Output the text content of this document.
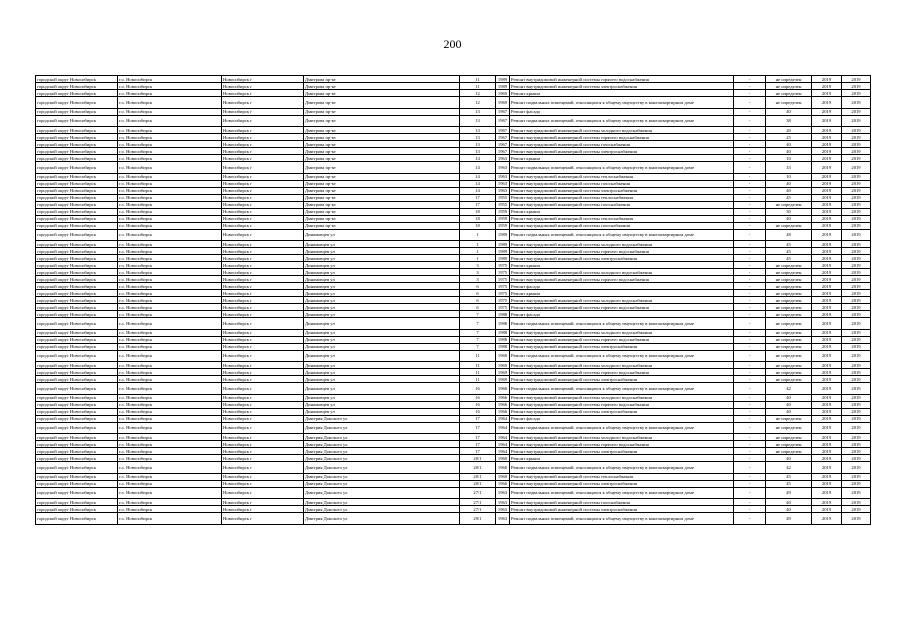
200
городской округ Новосибирск	г.о. Новосибирск	Новосибирск г	Дмитрова пр-кт	11	1989	Ремонт внутридомовой инженерной системы горячего водоснабжения	-	не определен	2019	2019
городской округ Новосибирск	г.о. Новосибирск	Новосибирск г	Дмитрова пр-кт	11	1989	Ремонт внутридомовой инженерной системы электроснабжения	-	не определен	2019	2019
городской округ Новосибирск	г.о. Новосибирск	Новосибирск г	Дмитрова пр-кт	12	1969	Ремонт крыши	-	не определен	2019	2019
городской округ Новосибирск	г.о. Новосибирск	Новосибирск г	Дмитрова пр-кт	12	1969	Ремонт подвальных помещений, относящихся к общему имуществу в многоквартирном доме	-	не определен	2019	2019
городской округ Новосибирск	г.о. Новосибирск	Новосибирск г	Дмитрова пр-кт	13	1967	Ремонт фасада	-	40	2019	2019
городской округ Новосибирск	г.о. Новосибирск	Новосибирск г	Дмитрова пр-кт	13	1967	Ремонт подвальных помещений, относящихся к общему имуществу в многоквартирном доме	-	38	2019	2019
городской округ Новосибирск	г.о. Новосибирск	Новосибирск г	Дмитрова пр-кт	13	1967	Ремонт внутридомовой инженерной системы холодного водоснабжения	-	20	2019	2019
городской округ Новосибирск	г.о. Новосибирск	Новосибирск г	Дмитрова пр-кт	13	1967	Ремонт внутридомовой инженерной системы горячего водоснабжения	-	25	2019	2019
городской округ Новосибирск	г.о. Новосибирск	Новосибирск г	Дмитрова пр-кт	13	1967	Ремонт внутридомовой инженерной системы газоснабжения	-	40	2019	2019
городской округ Новосибирск	г.о. Новосибирск	Новосибирск г	Дмитрова пр-кт	13	1967	Ремонт внутридомовой инженерной системы электроснабжения	-	40	2019	2019
городской округ Новосибирск	г.о. Новосибирск	Новосибирск г	Дмитрова пр-кт	14	1963	Ремонт крыши	-	10	2019	2019
городской округ Новосибирск	г.о. Новосибирск	Новосибирск г	Дмитрова пр-кт	14	1963	Ремонт подвальных помещений, относящихся к общему имуществу в многоквартирном доме	-	33	2019	2019
городской округ Новосибирск	г.о. Новосибирск	Новосибирск г	Дмитрова пр-кт	14	1963	Ремонт внутридомовой инженерной системы теплоснабжения	-	10	2019	2019
городской округ Новосибирск	г.о. Новосибирск	Новосибирск г	Дмитрова пр-кт	14	1963	Ремонт внутридомовой инженерной системы газоснабжения	-	40	2019	2019
городской округ Новосибирск	г.о. Новосибирск	Новосибирск г	Дмитрова пр-кт	14	1963	Ремонт внутридомовой инженерной системы электроснабжения	-	40	2019	2019
городской округ Новосибирск	г.о. Новосибирск	Новосибирск г	Дмитрова пр-кт	17	1955	Ремонт внутридомовой инженерной системы теплоснабжения	-	45	2019	2019
городской округ Новосибирск	г.о. Новосибирск	Новосибирск г	Дмитрова пр-кт	17	1955	Ремонт внутридомовой инженерной системы газоснабжения	-	не определен	2019	2019
городской округ Новосибирск	г.о. Новосибирск	Новосибирск г	Дмитрова пр-кт	18	1959	Ремонт крыши	-	30	2019	2019
городской округ Новосибирск	г.о. Новосибирск	Новосибирск г	Дмитрова пр-кт	18	1959	Ремонт внутридомовой инженерной системы теплоснабжения	-	40	2019	2019
городской округ Новосибирск	г.о. Новосибирск	Новосибирск г	Дмитрова пр-кт	18	1959	Ремонт внутридомовой инженерной системы газоснабжения	-	не определен	2019	2019
городской округ Новосибирск	г.о. Новосибирск	Новосибирск г	Динамовцев ул	1	1989	Ремонт подвальных помещений, относящихся к общему имуществу в многоквартирном доме	-	48	2019	2019
городской округ Новосибирск	г.о. Новосибирск	Новосибирск г	Динамовцев ул	1	1989	Ремонт внутридомовой инженерной системы холодного водоснабжения	-	45	2019	2019
городской округ Новосибирск	г.о. Новосибирск	Новосибирск г	Динамовцев ул	1	1989	Ремонт внутридомовой инженерной системы горячего водоснабжения	-	45	2019	2019
городской округ Новосибирск	г.о. Новосибирск	Новосибирск г	Динамовцев ул	1	1989	Ремонт внутридомовой инженерной системы электроснабжения	-	45	2019	2019
городской округ Новосибирск	г.о. Новосибирск	Новосибирск г	Динамовцев ул	3	1975	Ремонт крыши	-	не определен	2019	2019
городской округ Новосибирск	г.о. Новосибирск	Новосибирск г	Динамовцев ул	3	1975	Ремонт внутридомовой инженерной системы холодного водоснабжения	-	не определен	2019	2019
городской округ Новосибирск	г.о. Новосибирск	Новосибирск г	Динамовцев ул	3	1975	Ремонт внутридомовой инженерной системы горячего водоснабжения	-	не определен	2019	2019
городской округ Новосибирск	г.о. Новосибирск	Новосибирск г	Динамовцев ул	6	1975	Ремонт фасада	-	не определен	2019	2019
городской округ Новосибирск	г.о. Новосибирск	Новосибирск г	Динамовцев ул	6	1975	Ремонт крыши	-	не определен	2019	2019
городской округ Новосибирск	г.о. Новосибирск	Новосибирск г	Динамовцев ул	6	1975	Ремонт внутридомовой инженерной системы холодного водоснабжения	-	не определен	2019	2019
городской округ Новосибирск	г.о. Новосибирск	Новосибирск г	Динамовцев ул	6	1975	Ремонт внутридомовой инженерной системы горячего водоснабжения	-	не определен	2019	2019
городской округ Новосибирск	г.о. Новосибирск	Новосибирск г	Динамовцев ул	7	1988	Ремонт фасада	-	не определен	2019	2019
городской округ Новосибирск	г.о. Новосибирск	Новосибирск г	Динамовцев ул	7	1988	Ремонт подвальных помещений, относящихся к общему имуществу в многоквартирном доме	-	не определен	2019	2019
городской округ Новосибирск	г.о. Новосибирск	Новосибирск г	Динамовцев ул	7	1988	Ремонт внутридомовой инженерной системы холодного водоснабжения	-	не определен	2019	2019
городской округ Новосибирск	г.о. Новосибирск	Новосибирск г	Динамовцев ул	7	1988	Ремонт внутридомовой инженерной системы горячего водоснабжения	-	не определен	2019	2019
городской округ Новосибирск	г.о. Новосибирск	Новосибирск г	Динамовцев ул	7	1988	Ремонт внутридомовой инженерной системы электроснабжения	-	не определен	2019	2019
городской округ Новосибирск	г.о. Новосибирск	Новосибирск г	Динамовцев ул	11	1969	Ремонт подвальных помещений, относящихся к общему имуществу в многоквартирном доме	-	не определен	2019	2019
городской округ Новосибирск	г.о. Новосибирск	Новосибирск г	Динамовцев ул	11	1969	Ремонт внутридомовой инженерной системы холодного водоснабжения	-	не определен	2019	2019
городской округ Новосибирск	г.о. Новосибирск	Новосибирск г	Динамовцев ул	11	1969	Ремонт внутридомовой инженерной системы горячего водоснабжения	-	не определен	2019	2019
городской округ Новосибирск	г.о. Новосибирск	Новосибирск г	Динамовцев ул	11	1969	Ремонт внутридомовой инженерной системы электроснабжения	-	не определен	2019	2019
городской округ Новосибирск	г.о. Новосибирск	Новосибирск г	Динамовцев ул	16	1966	Ремонт подвальных помещений, относящихся к общему имуществу в многоквартирном доме	-	42	2019	2019
городской округ Новосибирск	г.о. Новосибирск	Новосибирск г	Динамовцев ул	16	1966	Ремонт внутридомовой инженерной системы холодного водоснабжения	-	40	2019	2019
городской округ Новосибирск	г.о. Новосибирск	Новосибирск г	Динамовцев ул	16	1966	Ремонт внутридомовой инженерной системы горячего водоснабжения	-	40	2019	2019
городской округ Новосибирск	г.о. Новосибирск	Новосибирск г	Динамовцев ул	16	1966	Ремонт внутридомовой инженерной системы электроснабжения	-	40	2019	2019
городской округ Новосибирск	г.о. Новосибирск	Новосибирск г	Дмитрия Донского ул	17	1964	Ремонт фасада	-	не определен	2019	2019
городской округ Новосибирск	г.о. Новосибирск	Новосибирск г	Дмитрия Донского ул	17	1964	Ремонт подвальных помещений, относящихся к общему имуществу в многоквартирном доме	-	не определен	2019	2019
городской округ Новосибирск	г.о. Новосибирск	Новосибирск г	Дмитрия Донского ул	17	1964	Ремонт внутридомовой инженерной системы холодного водоснабжения	-	не определен	2019	2019
городской округ Новосибирск	г.о. Новосибирск	Новосибирск г	Дмитрия Донского ул	17	1964	Ремонт внутридомовой инженерной системы горячего водоснабжения	-	не определен	2019	2019
городской округ Новосибирск	г.о. Новосибирск	Новосибирск г	Дмитрия Донского ул	17	1964	Ремонт внутридомовой инженерной системы электроснабжения	-	не определен	2019	2019
городской округ Новосибирск	г.о. Новосибирск	Новосибирск г	Дмитрия Донского ул	20/1	1960	Ремонт крыши	-	40	2019	2019
городской округ Новосибирск	г.о. Новосибирск	Новосибирск г	Дмитрия Донского ул	20/1	1960	Ремонт подвальных помещений, относящихся к общему имуществу в многоквартирном доме	-	42	2019	2019
городской округ Новосибирск	г.о. Новосибирск	Новосибирск г	Дмитрия Донского ул	20/1	1960	Ремонт внутридомовой инженерной системы теплоснабжения	-	45	2019	2019
городской округ Новосибирск	г.о. Новосибирск	Новосибирск г	Дмитрия Донского ул	20/1	1960	Ремонт внутридомовой инженерной системы электроснабжения	-	45	2019	2019
городской округ Новосибирск	г.о. Новосибирск	Новосибирск г	Дмитрия Донского ул	27/1	1963	Ремонт подвальных помещений, относящихся к общему имуществу в многоквартирном доме	-	49	2019	2019
городской округ Новосибирск	г.о. Новосибирск	Новосибирск г	Дмитрия Донского ул	27/1	1963	Ремонт внутридомовой инженерной системы газоснабжения	-	40	2019	2019
городской округ Новосибирск	г.о. Новосибирск	Новосибирск г	Дмитрия Донского ул	27/1	1963	Ремонт внутридомовой инженерной системы электроснабжения	-	40	2019	2019
городской округ Новосибирск	г.о. Новосибирск	Новосибирск г	Дмитрия Донского ул	29/1	1963	Ремонт подвальных помещений, относящихся к общему имуществу в многоквартирном доме	-	49	2019	2019
